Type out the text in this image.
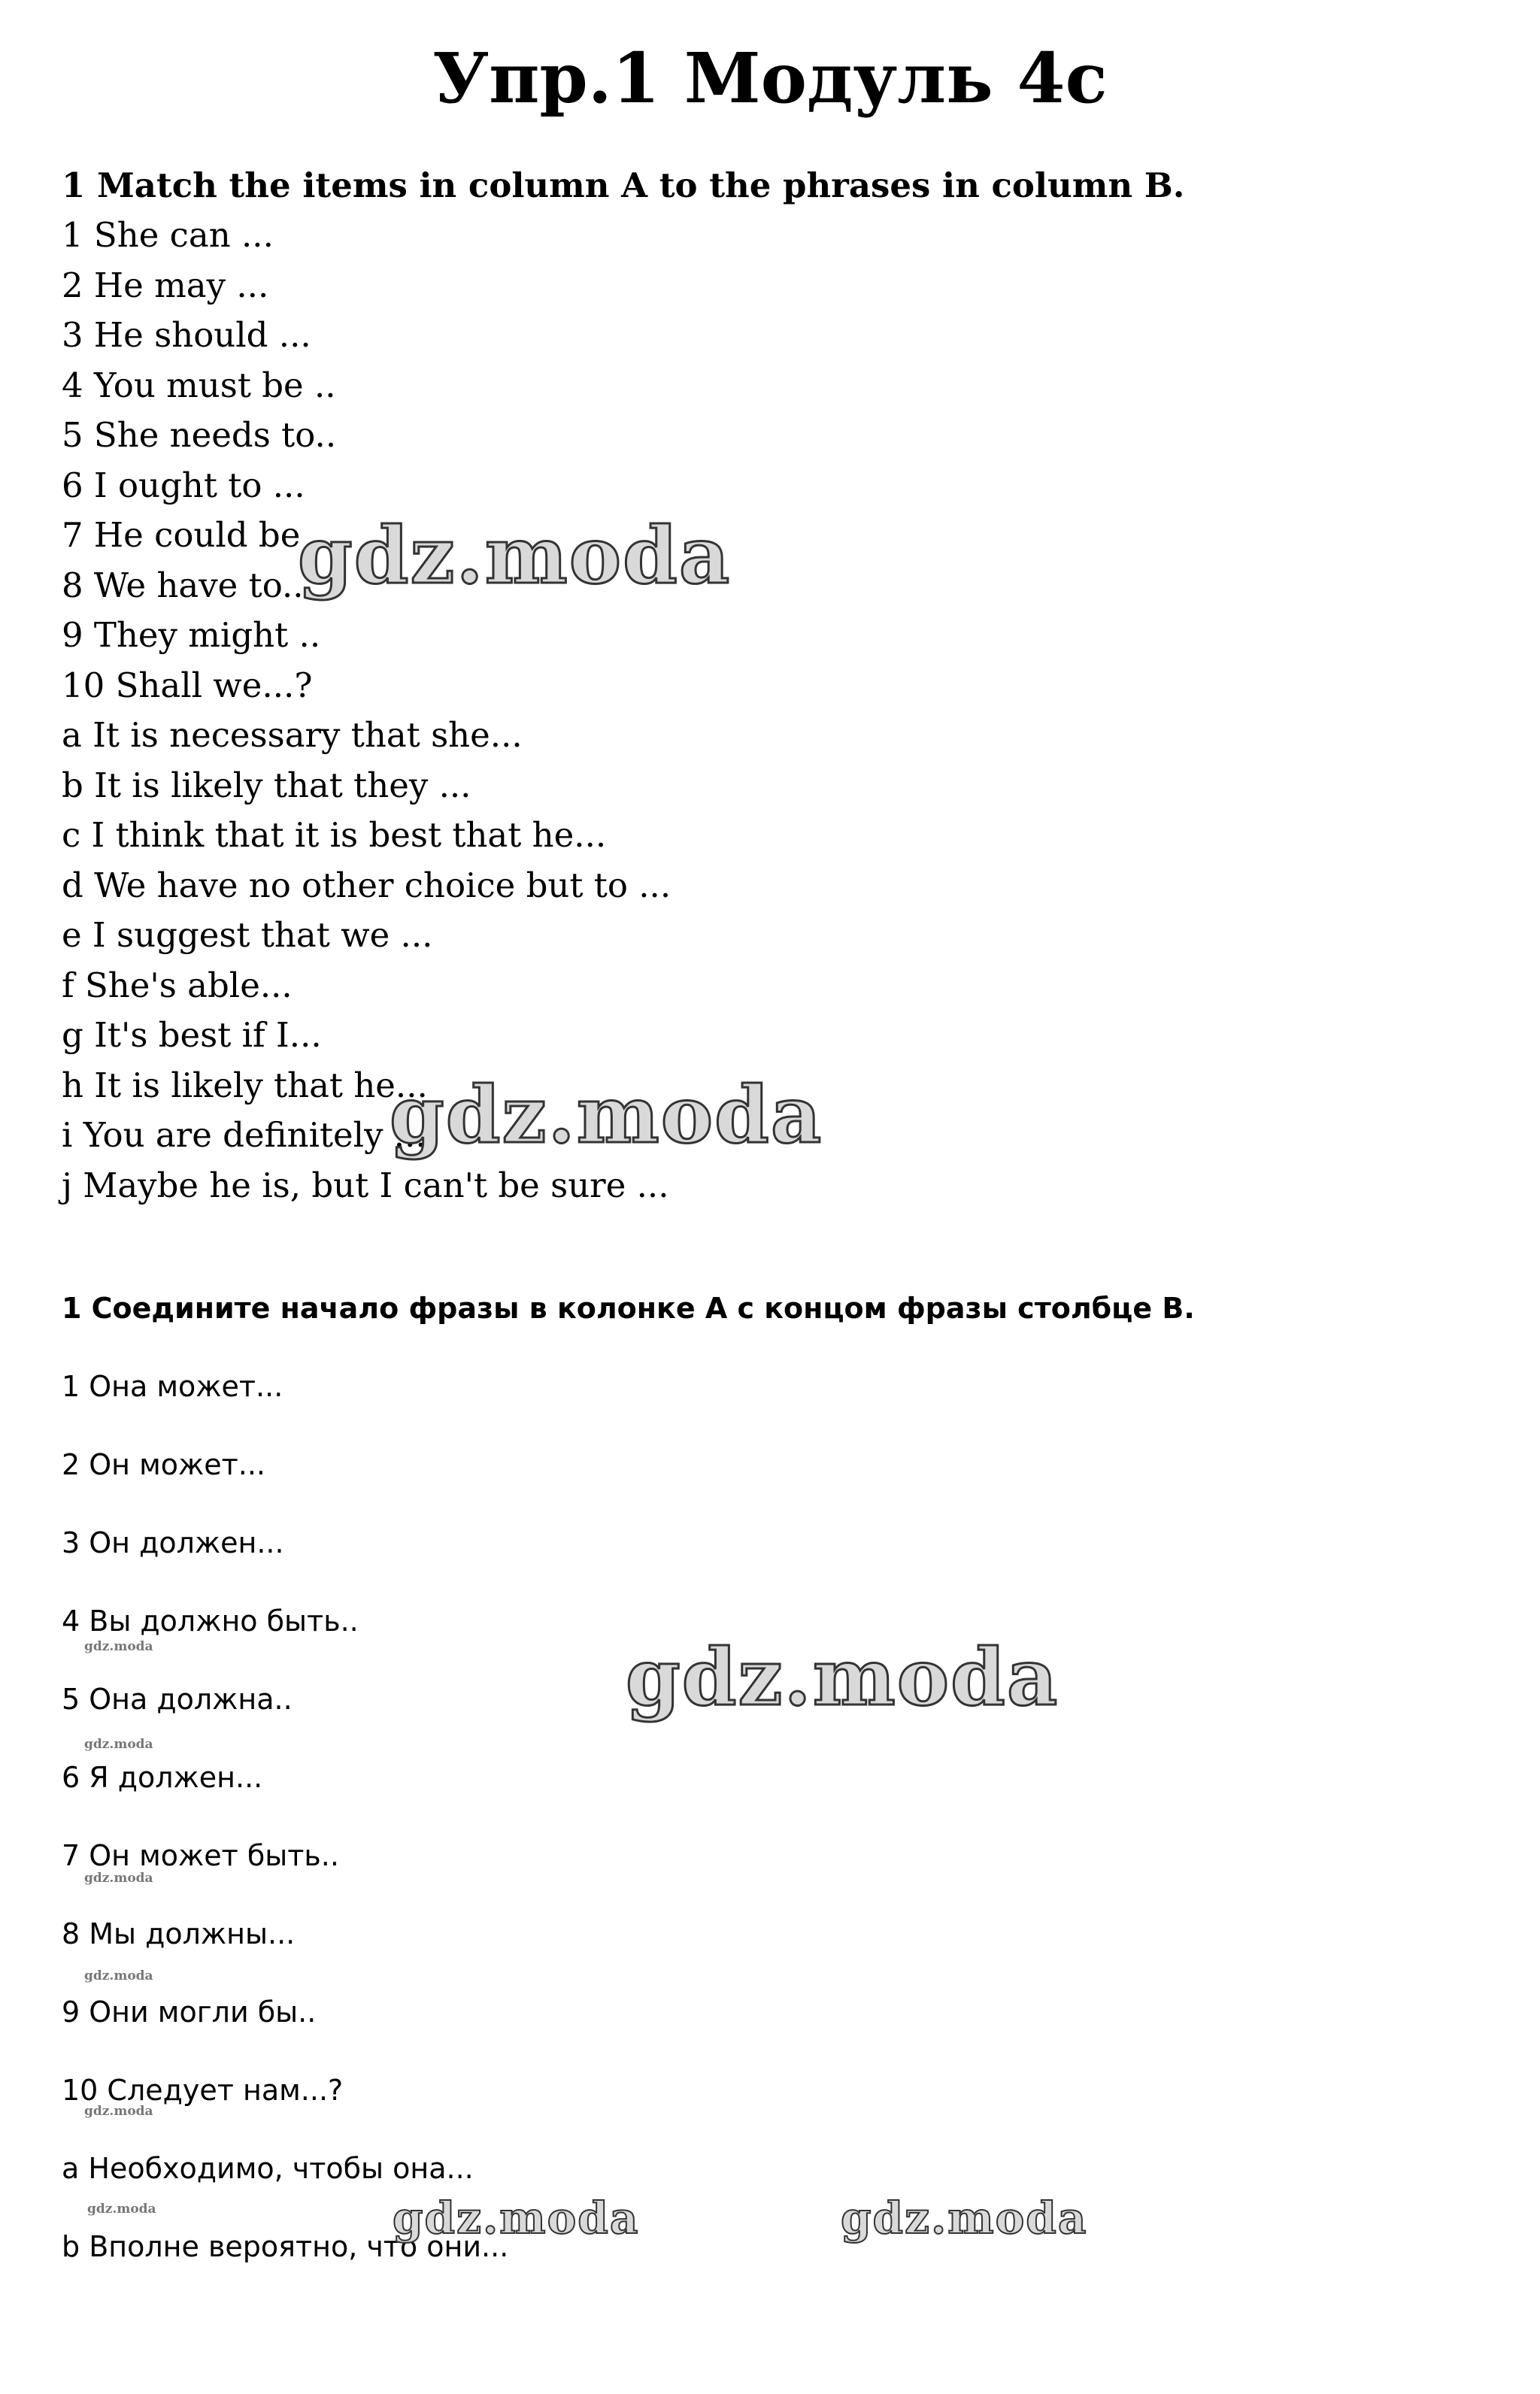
Упр.1 Модуль 4с
1 Match the items in column A to the phrases in column B.
1 She can ...
2 He may ...
3 He should ...
4 You must be ..
5 She needs to..
6 I ought to ...
7 He could be ..
8 We have to...
9 They might ..
10 Shall we...?
a It is necessary that she...
b It is likely that they ...
c I think that it is best that he...
d We have no other choice but to ...
e I suggest that we ...
f She's able...
g It's best if I...
h It is likely that he...
i You are definitely ...
j Maybe he is, but I can't be sure ...
1 Соедините начало фразы в колонке А с концом фразы столбце В.
1 Она может...
2 Он может...
3 Он должен...
4 Вы должно быть..
5 Она должна..
6 Я должен...
7 Он может быть..
8 Мы должны...
9 Они могли бы..
10 Следует нам...?
а Необходимо, чтобы она...
b Вполне вероятно, что они...
gdz.moda
gdz.moda
gdz.moda
gdz.moda	gdz.moda
gdz.moda
gdz.moda
gdz.moda
gdz.moda
gdz.moda
gdz.moda
